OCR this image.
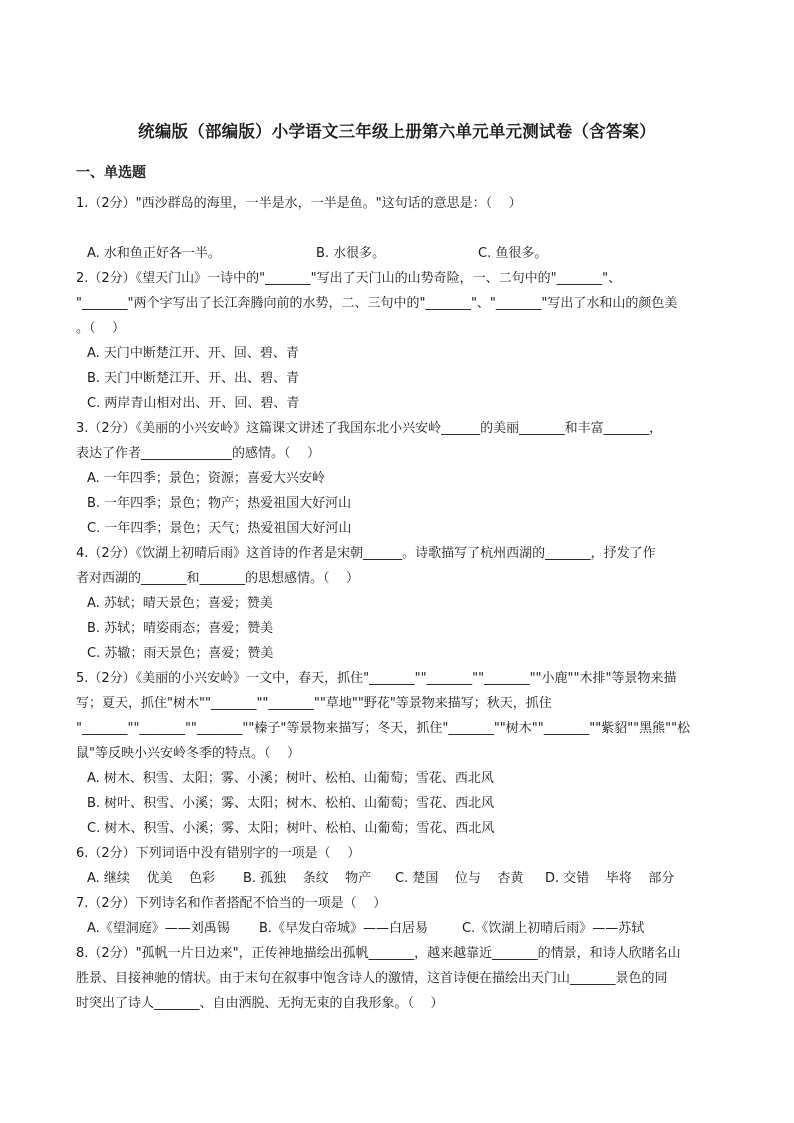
统编版（部编版）小学语文三年级上册第六单元单元测试卷（含答案）
一、单选题
1.（2分）"西沙群岛的海里，一半是水，一半是鱼。"这句话的意思是：（    ）
A. 水和鱼正好各一半。	B. 水很多。	C. 鱼很多。
2.（2分）《望天门山》一诗中的"_______"写出了天门山的山势奇险，一、二句中的"_______"、
"_______"两个字写出了长江奔腾向前的水势，二、三句中的"_______"、"_______"写出了水和山的颜色美
。（    ）
A. 天门中断楚江开、开、回、碧、青
B. 天门中断楚江开、开、出、碧、青
C. 两岸青山相对出、开、回、碧、青
3.（2分）《美丽的小兴安岭》这篇课文讲述了我国东北小兴安岭______的美丽_______和丰富_______，
表达了作者______________的感情。（    ）
A. 一年四季；景色；资源；喜爱大兴安岭
B. 一年四季；景色；物产；热爱祖国大好河山
C. 一年四季；景色；天气；热爱祖国大好河山
4.（2分）《饮湖上初晴后雨》这首诗的作者是宋朝______。诗歌描写了杭州西湖的_______，抒发了作
者对西湖的_______和_______的思想感情。（    ）
A. 苏轼；晴天景色；喜爱；赞美
B. 苏轼；晴姿雨态；喜爱；赞美
C. 苏辙；雨天景色；喜爱；赞美
5.（2分）《美丽的小兴安岭》一文中，春天，抓住"_______""_______""_______""小鹿""木排"等景物来描
写；夏天，抓住"树木""_______""_______""草地""野花"等景物来描写；秋天，抓住
"_______""_______""_______""榛子"等景物来描写；冬天，抓住"_______""树木""_______""紫貂""黑熊""松
鼠"等反映小兴安岭冬季的特点。（    ）
A. 树木、积雪、太阳；雾、小溪；树叶、松柏、山葡萄；雪花、西北风
B. 树叶、积雪、小溪；雾、太阳；树木、松柏、山葡萄；雪花、西北风
C. 树木、积雪、小溪；雾、太阳；树叶、松柏、山葡萄；雪花、西北风
6.（2分）下列词语中没有错别字的一项是（    ）
A. 继续    优美    色彩 B. 孤独    条纹    物产 C. 楚国    位与    杏黄 D. 交错    毕将    部分
7.（2分）下列诗名和作者搭配不恰当的一项是（    ）
A.《望洞庭》——刘禹锡 B.《早发白帝城》——白居易	C.《饮湖上初晴后雨》——苏轼
8.（2分）"孤帆一片日边来"，正传神地描绘出孤帆_______，越来越靠近_______的情景，和诗人欣睹名山
胜景、目接神驰的情状。由于末句在叙事中饱含诗人的激情，这首诗便在描绘出天门山_______景色的同
时突出了诗人_______、自由洒脱、无拘无束的自我形象。（    ）
